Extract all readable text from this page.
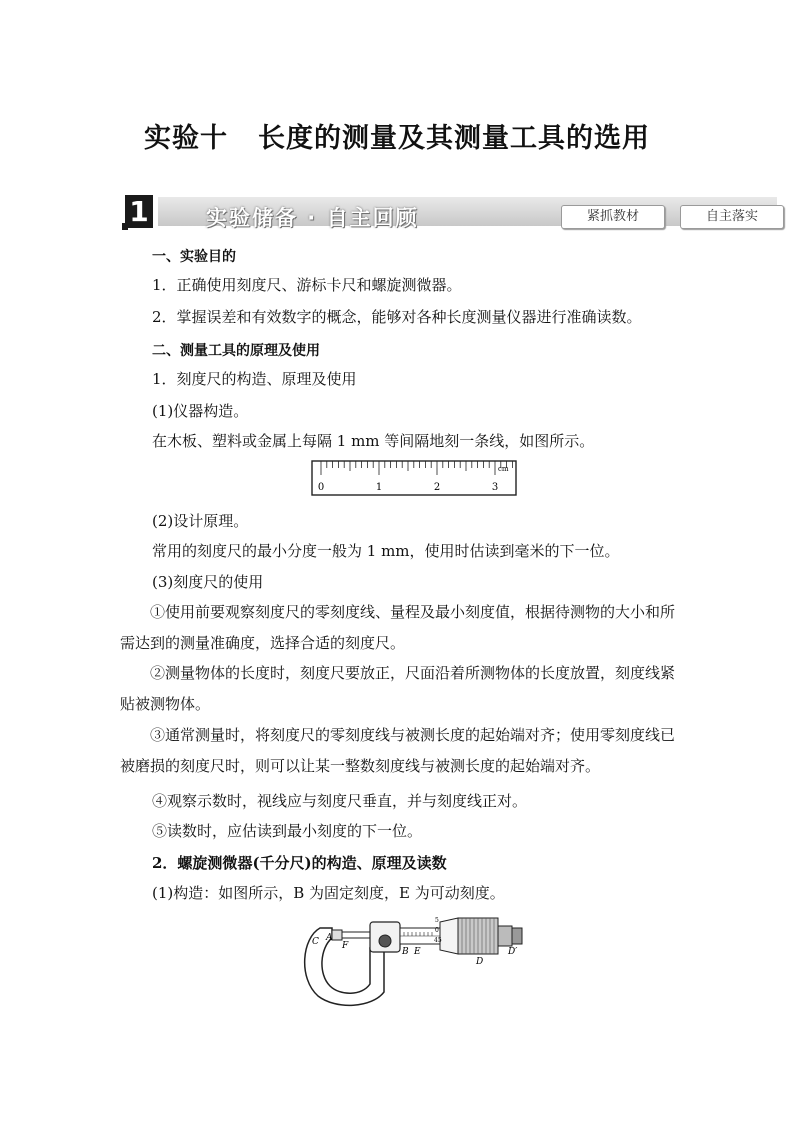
实验十 长度的测量及其测量工具的选用
1	实验储备 · 自主回顾	紧抓教材	自主落实
一、实验目的
1．正确使用刻度尺、游标卡尺和螺旋测微器。
2．掌握误差和有效数字的概念，能够对各种长度测量仪器进行准确读数。
二、测量工具的原理及使用
1．刻度尺的构造、原理及使用
(1)仪器构造。
在木板、塑料或金属上每隔 1 mm 等间隔地刻一条线，如图所示。
cm
0	1	2	3
(2)设计原理。
常用的刻度尺的最小分度一般为 1 mm，使用时估读到毫米的下一位。
(3)刻度尺的使用
①使用前要观察刻度尺的零刻度线、量程及最小刻度值，根据待测物的大小和所需达到的测量准确度，选择合适的刻度尺。
②测量物体的长度时，刻度尺要放正，尺面沿着所测物体的长度放置，刻度线紧贴被测物体。
③通常测量时，将刻度尺的零刻度线与被测长度的起始端对齐；使用零刻度线已被磨损的刻度尺时，则可以让某一整数刻度线与被测长度的起始端对齐。
④观察示数时，视线应与刻度尺垂直，并与刻度线正对。
⑤读数时，应估读到最小刻度的下一位。
2．螺旋测微器(千分尺)的构造、原理及读数
(1)构造：如图所示，B 为固定刻度，E 为可动刻度。
5
0
45
C A
F
B E
D
D′
